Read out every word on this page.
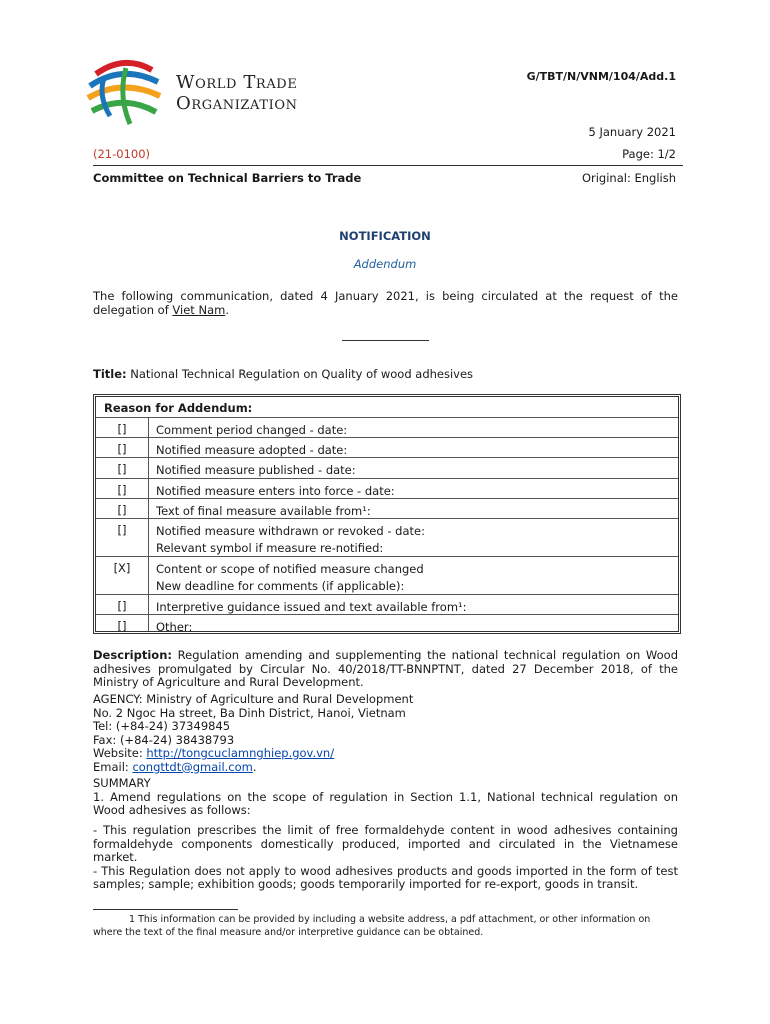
World Trade
Organization
G/TBT/N/VNM/104/Add.1
5 January 2021
(21-0100)	Page: 1/2
Committee on Technical Barriers to Trade	Original: English
NOTIFICATION
Addendum
The following communication, dated 4 January 2021, is being circulated at the request of the delegation of Viet Nam.
Title: National Technical Regulation on Quality of wood adhesives
Reason for Addendum:
[]	Comment period changed - date:
[]	Notified measure adopted - date:
[]	Notified measure published - date:
[]	Notified measure enters into force - date:
[]	Text of final measure available from¹:
[]	Notified measure withdrawn or revoked - date:
Relevant symbol if measure re-notified:
[X]	Content or scope of notified measure changed
New deadline for comments (if applicable):
[]	Interpretive guidance issued and text available from¹:
[]	Other:
Description: Regulation amending and supplementing the national technical regulation on Wood adhesives promulgated by Circular No. 40/2018/TT-BNNPTNT, dated 27 December 2018, of the Ministry of Agriculture and Rural Development.
AGENCY: Ministry of Agriculture and Rural Development
No. 2 Ngoc Ha street, Ba Dinh District, Hanoi, Vietnam
Tel: (+84-24) 37349845
Fax: (+84-24) 38438793
Website: http://tongcuclamnghiep.gov.vn/
Email: congttdt@gmail.com.
SUMMARY
1. Amend regulations on the scope of regulation in Section 1.1, National technical regulation on Wood adhesives as follows:
- This regulation prescribes the limit of free formaldehyde content in wood adhesives containing formaldehyde components domestically produced, imported and circulated in the Vietnamese market.
- This Regulation does not apply to wood adhesives products and goods imported in the form of test samples; sample; exhibition goods; goods temporarily imported for re-export, goods in transit.
1 This information can be provided by including a website address, a pdf attachment, or other information on where the text of the final measure and/or interpretive guidance can be obtained.
